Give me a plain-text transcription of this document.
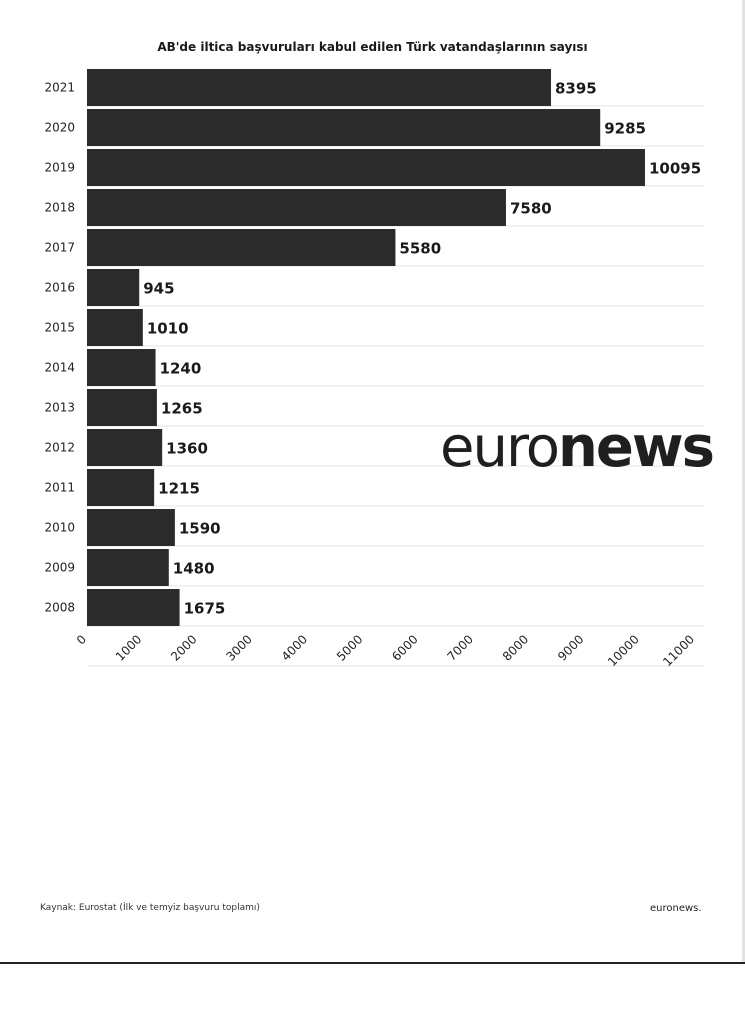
AB'de iltica başvuruları kabul edilen Türk vatandaşlarının sayısı
2021	8395
2020	9285
2019	10095
2018	7580
2017	5580
2016	945
2015	1010
2014	1240
2013	1265
2012	1360
2011	1215
2010	1590
2009	1480
2008	1675
0 1000 2000 3000 4000 5000 6000 7000 8000 9000 10000 11000
euronews
Kaynak: Eurostat (İlk ve temyiz başvuru toplamı)	euronews.
